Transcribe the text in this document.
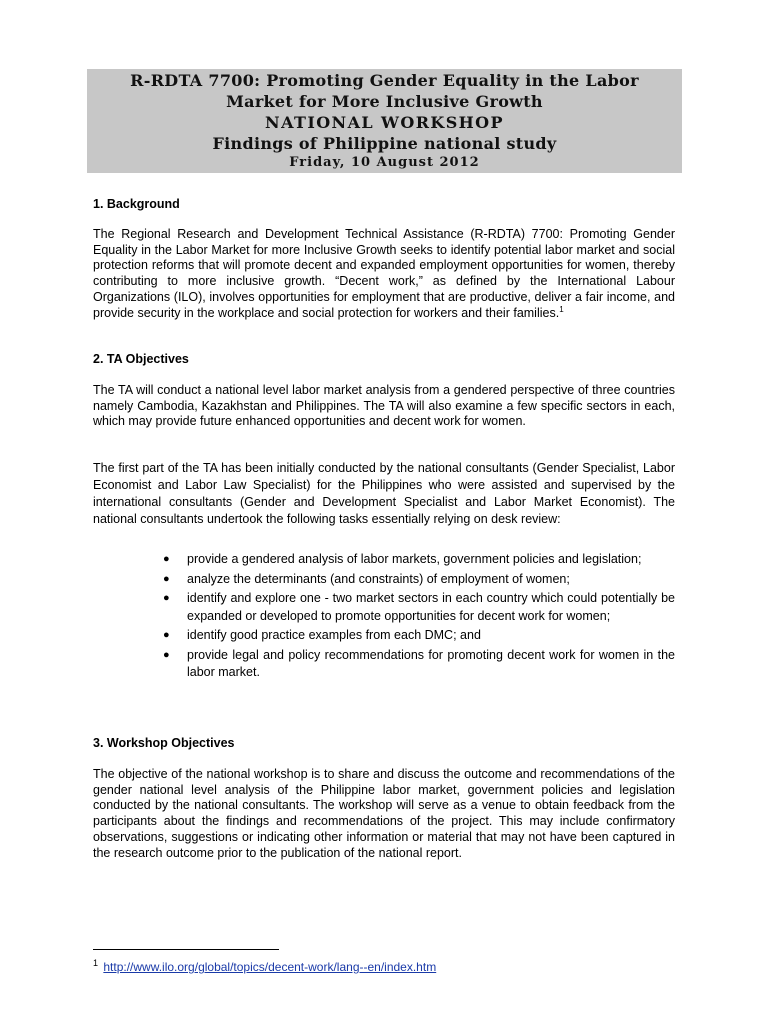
R-RDTA 7700: Promoting Gender Equality in the Labor
Market for More Inclusive Growth
NATIONAL WORKSHOP
Findings of Philippine national study
Friday, 10 August 2012
1. Background

The Regional Research and Development Technical Assistance (R-RDTA) 7700: Promoting Gender Equality in the Labor Market for more Inclusive Growth seeks to identify potential labor market and social protection reforms that will promote decent and expanded employment opportunities for women, thereby contributing to more inclusive growth. “Decent work,” as defined by the International Labour Organizations (ILO), involves opportunities for employment that are productive, deliver a fair income, and provide security in the workplace and social protection for workers and their families.$^1$

2. TA Objectives

The TA will conduct a national level labor market analysis from a gendered perspective of three countries namely Cambodia, Kazakhstan and Philippines. The TA will also examine a few specific sectors in each, which may provide future enhanced opportunities and decent work for women.

The first part of the TA has been initially conducted by the national consultants (Gender Specialist, Labor Economist and Labor Law Specialist) for the Philippines who were assisted and supervised by the international consultants (Gender and Development Specialist and Labor Market Economist). The national consultants undertook the following tasks essentially relying on desk review:

● provide a gendered analysis of labor markets, government policies and legislation;
● analyze the determinants (and constraints) of employment of women;
● identify and explore one - two market sectors in each country which could potentially be expanded or developed to promote opportunities for decent work for women;
● identify good practice examples from each DMC; and
● provide legal and policy recommendations for promoting decent work for women in the labor market.
3. Workshop Objectives

The objective of the national workshop is to share and discuss the outcome and recommendations of the gender national level analysis of the Philippine labor market, government policies and legislation conducted by the national consultants. The workshop will serve as a venue to obtain feedback from the participants about the findings and recommendations of the project. This may include confirmatory observations, suggestions or indicating other information or material that may not have been captured in the research outcome prior to the publication of the national report.

$^1$ http://www.ilo.org/global/topics/decent-work/lang--en/index.htm
